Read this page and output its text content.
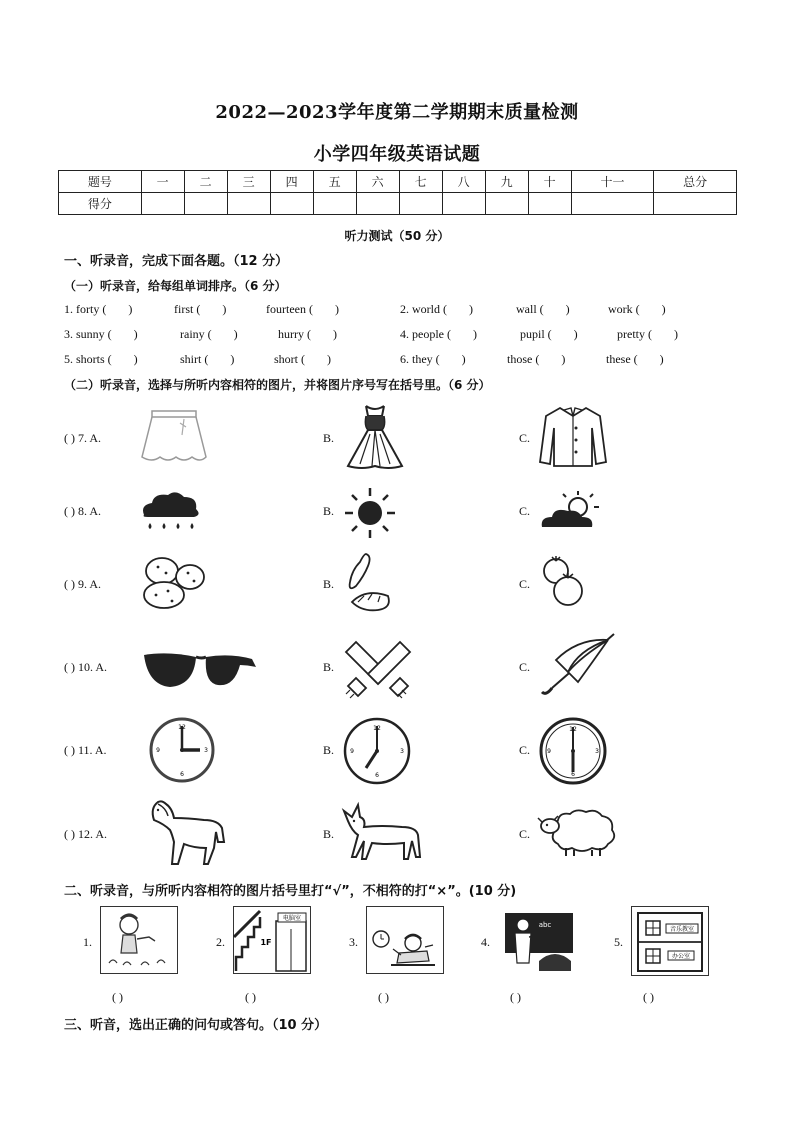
2022—2023学年度第二学期期末质量检测
小学四年级英语试题
题号	一	二	三	四	五	六	七	八	九	十	十一	总分
得分												
听力测试（50 分）
一、听录音，完成下面各题。（12 分）
（一）听录音，给每组单词排序。（6 分）
1. forty ( )	first ( )	fourteen ( )	2. world ( )	wall ( )	work ( )
3. sunny ( )	rainy ( )	hurry ( )	4. people ( )	pupil ( )	pretty ( )
5. shorts ( )	shirt ( )	short ( )	6. they ( )	those ( )	these ( )
（二）听录音，选择与所听内容相符的图片，并将图片序号写在括号里。（6 分）
( ) 7. A.	B.	C.
( ) 8. A.	B.	C.
( ) 9. A.	B.	C.
( ) 10. A.	B.	C.
( ) 11. A.	B.	C.
( ) 12. A.	B.	C.
12
3
6
9
12
3
6
9
12
3
6
9
二、听录音，与所听内容相符的图片括号里打“√”，不相符的打“×”。(10 分)
1.
( )
2.
电脑室
1F
( )
3.
( )
4.
abc
( )
5.
音乐教室
办公室
( )
三、听音，选出正确的问句或答句。（10 分）
